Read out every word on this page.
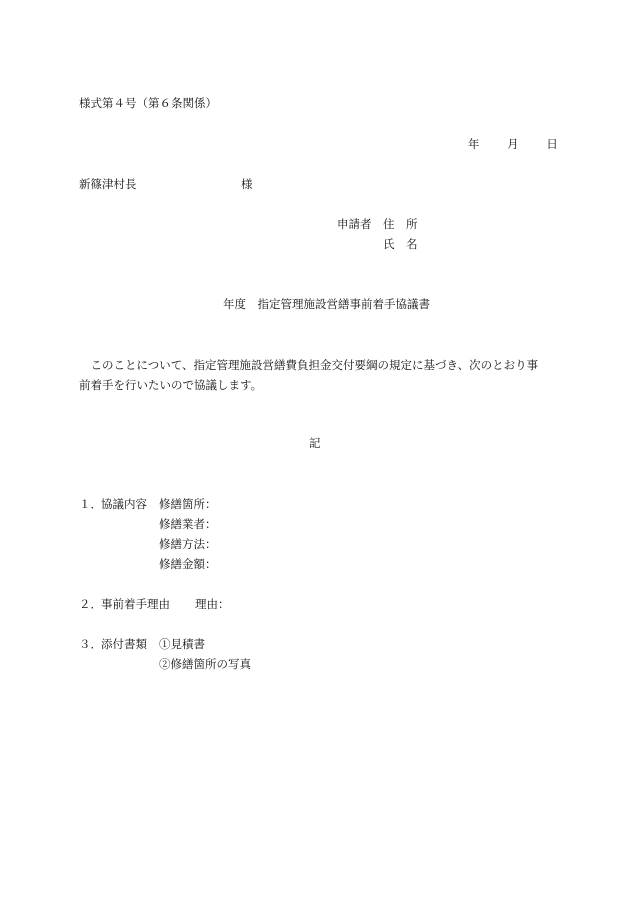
様式第４号（第６条関係）
年 月 日
新篠津村長	様
申請者 住　所
氏　名
年度　指定管理施設営繕事前着手協議書
　このことについて、指定管理施設営繕費負担金交付要綱の規定に基づき、次のとおり事
前着手を行いたいので協議します。
記
１． 協議内容 修繕箇所：
修繕業者：
修繕方法：
修繕金額：
２． 事前着手理由 理由：
３． 添付書類 ①見積書
②修繕箇所の写真
